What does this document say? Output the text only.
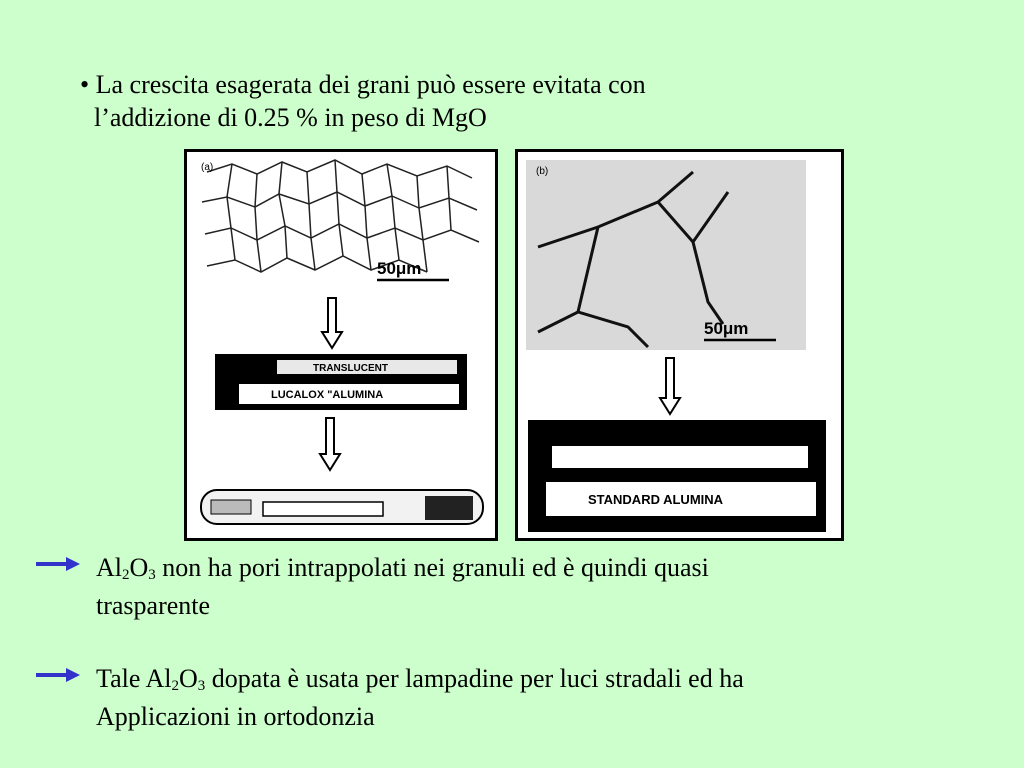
• La crescita esagerata dei grani può essere evitata con
l’addizione di 0.25 % in peso di MgO
(a)
50μm
TRANSLUCENT
LUCALOX "ALUMINA
(b)
50μm
STANDARD ALUMINA
$Al_2O_3$ non ha pori intrappolati nei granuli ed è quindi quasi
trasparente
Tale $Al_2O_3$ dopata è usata per lampadine per luci stradali ed ha
Applicazioni in ortodonzia
